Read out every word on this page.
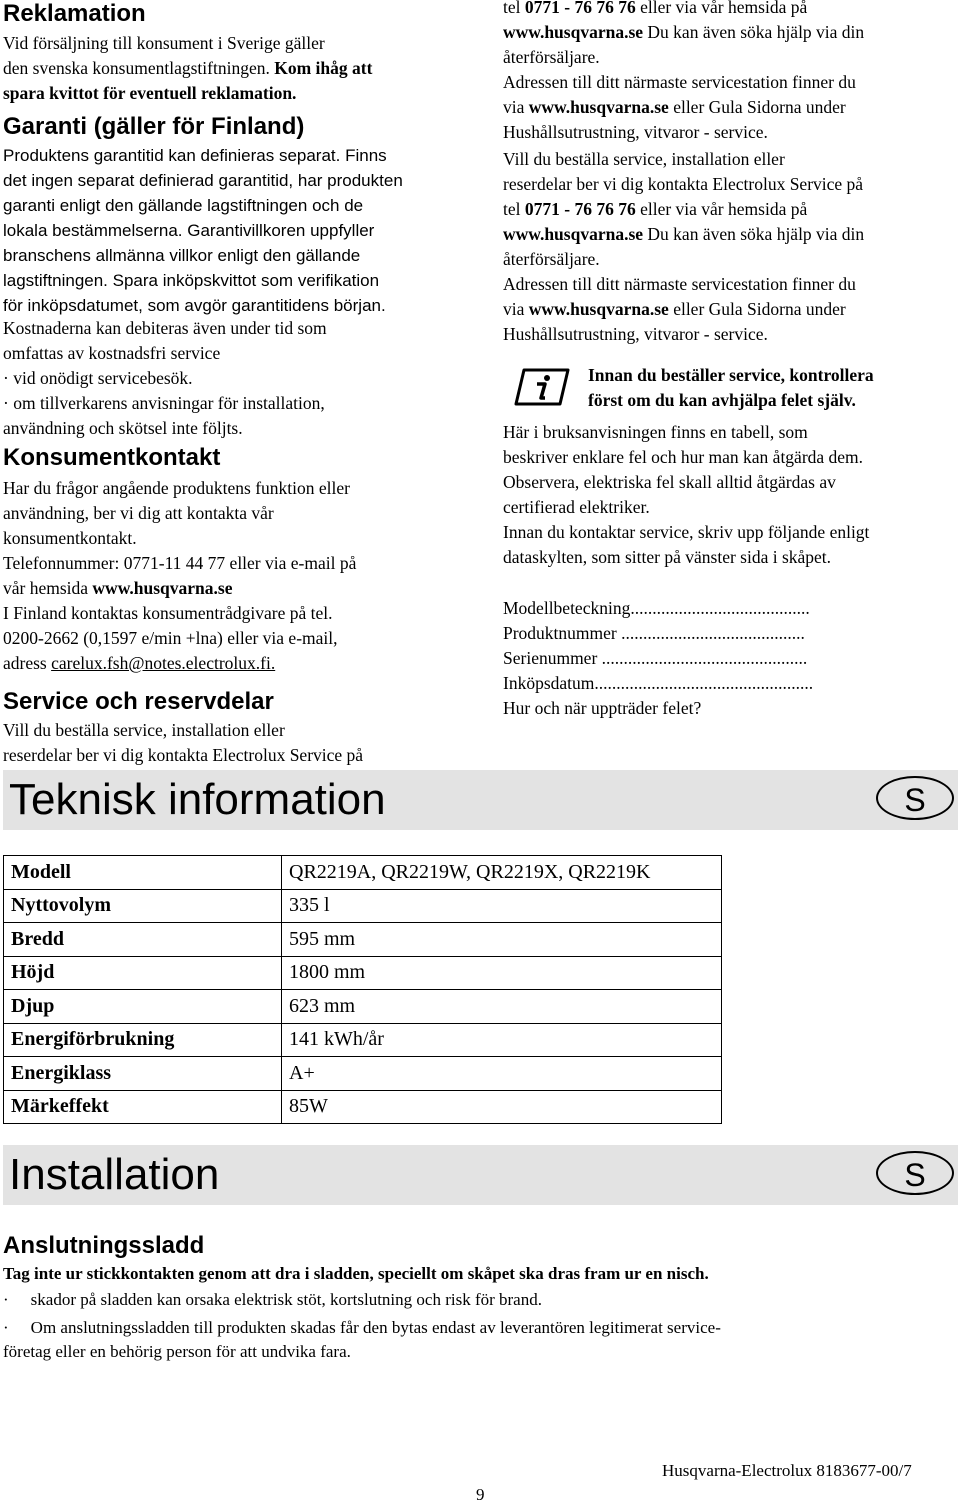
Reklamation
Vid försäljning till konsument i Sverige gäller
den svenska konsumentlagstiftningen. Kom ihåg att
spara kvittot för eventuell reklamation.
Garanti (gäller för Finland)
Produktens garantitid kan definieras separat. Finns
det ingen separat definierad garantitid, har produkten
garanti enligt den gällande lagstiftningen och de
lokala bestämmelserna. Garantivillkoren uppfyller
branschens allmänna villkor enligt den gällande
lagstiftningen. Spara inköpskvittot som verifikation
för inköpsdatumet, som avgör garantitidens början.
Kostnaderna kan debiteras även under tid som
omfattas av kostnadsfri service
· vid onödigt servicebesök.
· om tillverkarens anvisningar för installation,
användning och skötsel inte följts.
Konsumentkontakt
Har du frågor angående produktens funktion eller
användning, ber vi dig att kontakta vår
konsumentkontakt.
Telefonnummer: 0771-11 44 77 eller via e-mail på
vår hemsida www.husqvarna.se
I Finland kontaktas konsumentrådgivare på tel.
0200-2662 (0,1597 e/min +lna) eller via e-mail,
adress carelux.fsh@notes.electrolux.fi.
Service och reservdelar
Vill du beställa service, installation eller
reserdelar ber vi dig kontakta Electrolux Service på
tel 0771 - 76 76 76 eller via vår hemsida på
www.husqvarna.se Du kan även söka hjälp via din
återförsäljare.
Adressen till ditt närmaste servicestation finner du
via www.husqvarna.se eller Gula Sidorna under
Hushållsutrustning, vitvaror - service.
Vill du beställa service, installation eller
reserdelar ber vi dig kontakta Electrolux Service på
tel 0771 - 76 76 76 eller via vår hemsida på
www.husqvarna.se Du kan även söka hjälp via din
återförsäljare.
Adressen till ditt närmaste servicestation finner du
via www.husqvarna.se eller Gula Sidorna under
Hushållsutrustning, vitvaror - service.
Innan du beställer service, kontrollera
först om du kan avhjälpa felet själv.
Här i bruksanvisningen finns en tabell, som
beskriver enklare fel och hur man kan åtgärda dem.
Observera, elektriska fel skall alltid åtgärdas av
certifierad elektriker.
Innan du kontaktar service, skriv upp följande enligt
dataskylten, som sitter på vänster sida i skåpet.
Modellbeteckning.........................................
Produktnummer ..........................................
Serienummer ...............................................
Inköpsdatum..................................................
Hur och när uppträder felet?
Teknisk information	S
Modell	QR2219A, QR2219W, QR2219X, QR2219K
Nyttovolym	335 l
Bredd	595 mm
Höjd	1800 mm
Djup	623 mm
Energiförbrukning	141 kWh/år
Energiklass	A+
Märkeffekt	85W
Installation	S
Anslutningssladd
Tag inte ur stickkontakten genom att dra i sladden, speciellt om skåpet ska dras fram ur en nisch.
· skador på sladden kan orsaka elektrisk stöt, kortslutning och risk för brand.
· Om anslutningssladden till produkten skadas får den bytas endast av leverantören legitimerat service-
företag eller en behörig person för att undvika fara.
Husqvarna-Electrolux 8183677-00/7
9
